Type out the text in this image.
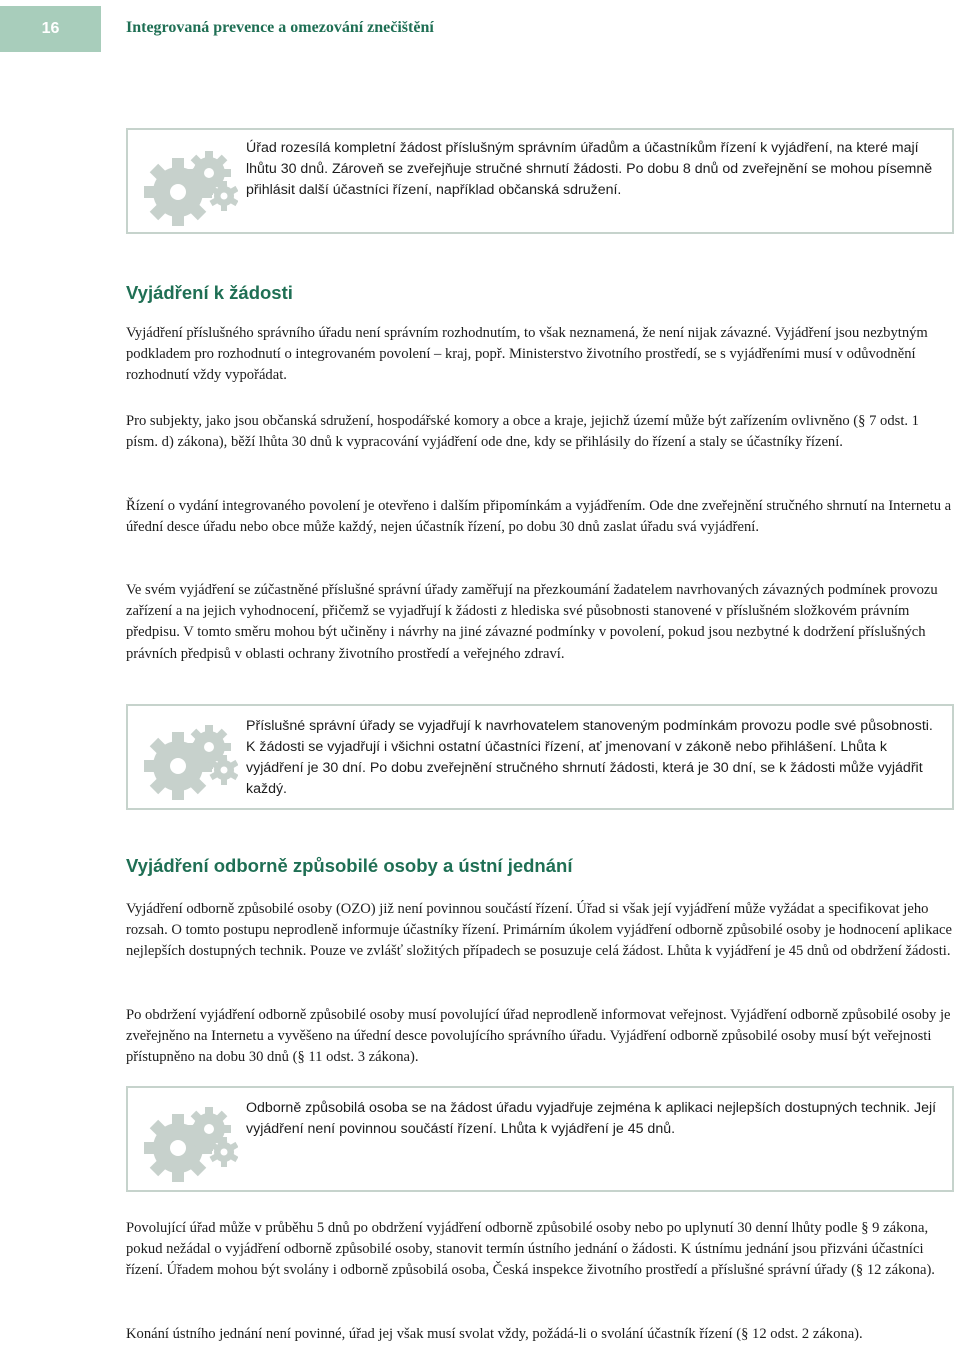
16	Integrovaná prevence a omezování znečištění
Úřad rozesílá kompletní žádost příslušným správním úřadům a účastníkům řízení k vyjádření, na které mají lhůtu 30 dnů. Zároveň se zveřejňuje stručné shrnutí žádosti. Po dobu 8 dnů od zveřejnění se mohou písemně přihlásit další účastníci řízení, například občanská sdružení.
Vyjádření k žádosti
Vyjádření příslušného správního úřadu není správním rozhodnutím, to však neznamená, že není nijak závazné. Vyjádření jsou nezbytným podkladem pro rozhodnutí o integrovaném povolení – kraj, popř. Ministerstvo životního prostředí, se s vyjádřeními musí v odůvodnění rozhodnutí vždy vypořádat.
Pro subjekty, jako jsou občanská sdružení, hospodářské komory a obce a kraje, jejichž území může být zařízením ovlivněno (§ 7 odst. 1 písm. d) zákona), běží lhůta 30 dnů k vypracování vyjádření ode dne, kdy se přihlásily do řízení a staly se účastníky řízení.
Řízení o vydání integrovaného povolení je otevřeno i dalším připomínkám a vyjádřením. Ode dne zveřejnění stručného shrnutí na Internetu a úřední desce úřadu nebo obce může každý, nejen účastník řízení, po dobu 30 dnů zaslat úřadu svá vyjádření.
Ve svém vyjádření se zúčastněné příslušné správní úřady zaměřují na přezkoumání žadatelem navrhovaných závazných podmínek provozu zařízení a na jejich vyhodnocení, přičemž se vyjadřují k žádosti z hlediska své působnosti stanovené v příslušném složkovém právním předpisu. V tomto směru mohou být učiněny i návrhy na jiné závazné podmínky v povolení, pokud jsou nezbytné k dodržení příslušných právních předpisů v oblasti ochrany životního prostředí a veřejného zdraví.
Příslušné správní úřady se vyjadřují k navrhovatelem stanoveným podmínkám provozu podle své působnosti. K žádosti se vyjadřují i všichni ostatní účastníci řízení, ať jmenovaní v zákoně nebo přihlášení. Lhůta k vyjádření je 30 dní. Po dobu zveřejnění stručného shrnutí žádosti, která je 30 dní, se k žádosti může vyjádřit každý.
Vyjádření odborně způsobilé osoby a ústní jednání
Vyjádření odborně způsobilé osoby (OZO) již není povinnou součástí řízení. Úřad si však její vyjádření může vyžádat a specifikovat jeho rozsah. O tomto postupu neprodleně informuje účastníky řízení. Primárním úkolem vyjádření odborně způsobilé osoby je hodnocení aplikace nejlepších dostupných technik. Pouze ve zvlášť složitých případech se posuzuje celá žádost. Lhůta k vyjádření je 45 dnů od obdržení žádosti.
Po obdržení vyjádření odborně způsobilé osoby musí povolující úřad neprodleně informovat veřejnost. Vyjádření odborně způsobilé osoby je zveřejněno na Internetu a vyvěšeno na úřední desce povolujícího správního úřadu. Vyjádření odborně způsobilé osoby musí být veřejnosti přístupněno na dobu 30 dnů (§ 11 odst. 3 zákona).
Odborně způsobilá osoba se na žádost úřadu vyjadřuje zejména k aplikaci nejlepších dostupných technik. Její vyjádření není povinnou součástí řízení. Lhůta k vyjádření je 45 dnů.
Povolující úřad může v průběhu 5 dnů po obdržení vyjádření odborně způsobilé osoby nebo po uplynutí 30 denní lhůty podle § 9 zákona, pokud nežádal o vyjádření odborně způsobilé osoby, stanovit termín ústního jednání o žádosti. K ústnímu jednání jsou přizváni účastníci řízení. Úřadem mohou být svolány i odborně způsobilá osoba, Česká inspekce životního prostředí a příslušné správní úřady (§ 12 zákona).
Konání ústního jednání není povinné, úřad jej však musí svolat vždy, požádá-li o svolání účastník řízení (§ 12 odst. 2 zákona).
